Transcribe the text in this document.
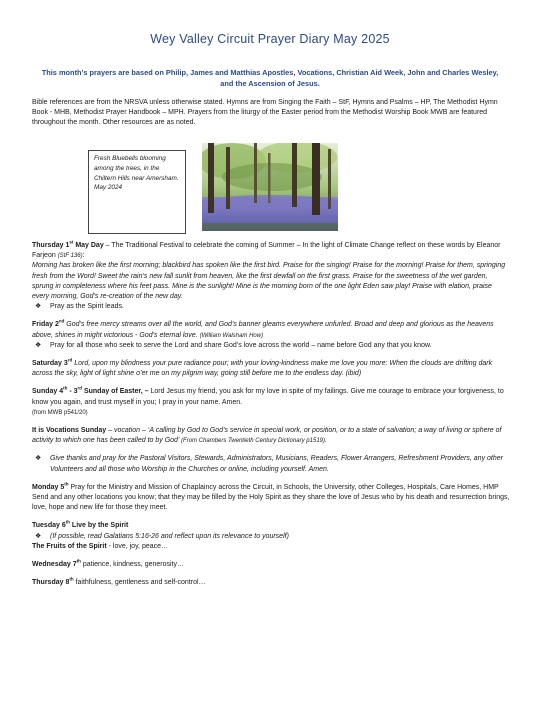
Wey Valley Circuit Prayer Diary May 2025
This month’s prayers are based on Philip, James and Matthias Apostles, Vocations, Christian Aid Week, John and Charles Wesley, and the Ascension of Jesus.
Bible references are from the NRSVA unless otherwise stated. Hymns are from Singing the Faith – StF, Hymns and Psalms – HP, The Methodist Hymn Book - MHB, Methodist Prayer Handbook – MPH. Prayers from the liturgy of the Easter period from the Methodist Worship Book MWB are featured throughout the month. Other resources are as noted.
Fresh Bluebells blooming among the trees, in the Chiltern Hills near Amersham. May 2024

Thursday 1st May Day – The Traditional Festival to celebrate the coming of Summer – In the light of Climate Change reflect on these words by Eleanor Farjeon (StF 136):

Morning has broken like the first morning; blackbird has spoken like the first bird. Praise for the singing! Praise for the morning! Praise for them, springing fresh from the Word! Sweet the rain’s new fall sunlit from heaven, like the first dewfall on the first grass. Praise for the sweetness of the wet garden, sprung in completeness where his feet pass. Mine is the sunlight! Mine is the morning born of the one light Eden saw play! Praise with elation, praise every morning, God’s re-creation of the new day.

❖ Pray as the Spirit leads.

Friday 2nd God’s free mercy streams over all the world, and God’s banner gleams everywhere unfurled. Broad and deep and glorious as the heavens above, shines in might victorious - God’s eternal love. (William Walsham How)

❖ Pray for all those who seek to serve the Lord and share God’s love across the world – name before God any that you know.

Saturday 3rd Lord, upon my blindness your pure radiance pour; with your loving-kindness make me love you more: When the clouds are drifting dark across the sky, light of light shine o’er me on my pilgrim way, going still before me to the endless day. (ibid)

Sunday 4th - 3rd Sunday of Easter, – Lord Jesus my friend, you ask for my love in spite of my failings. Give me courage to embrace your forgiveness, to know you again, and trust myself in you; I pray in your name. Amen.

(from MWB p541/20)

It is Vocations Sunday – vocation – ‘A calling by God to God’s service in special work, or position, or to a state of salvation; a way of living or sphere of activity to which one has been called to by God’ (From Chambers Twentieth Century Dictionary p1519).

❖ Give thanks and pray for the Pastoral Visitors, Stewards, Administrators, Musicians, Readers, Flower Arrangers, Refreshment Providers, any other Volunteers and all those who Worship in the Churches or online, including yourself. Amen.

Monday 5th Pray for the Ministry and Mission of Chaplaincy across the Circuit, in Schools, the University, other Colleges, Hospitals, Care Homes, HMP Send and any other locations you know; that they may be filled by the Holy Spirit as they share the love of Jesus who by his death and resurrection brings, love, hope and new life for those they meet.

Tuesday 6th Live by the Spirit

❖ (If possible, read Galatians 5:16-26 and reflect upon its relevance to yourself)

The Fruits of the Spirit - love, joy, peace…

Wednesday 7th patience, kindness, generosity…

Thursday 8th faithfulness, gentleness and self-control…
